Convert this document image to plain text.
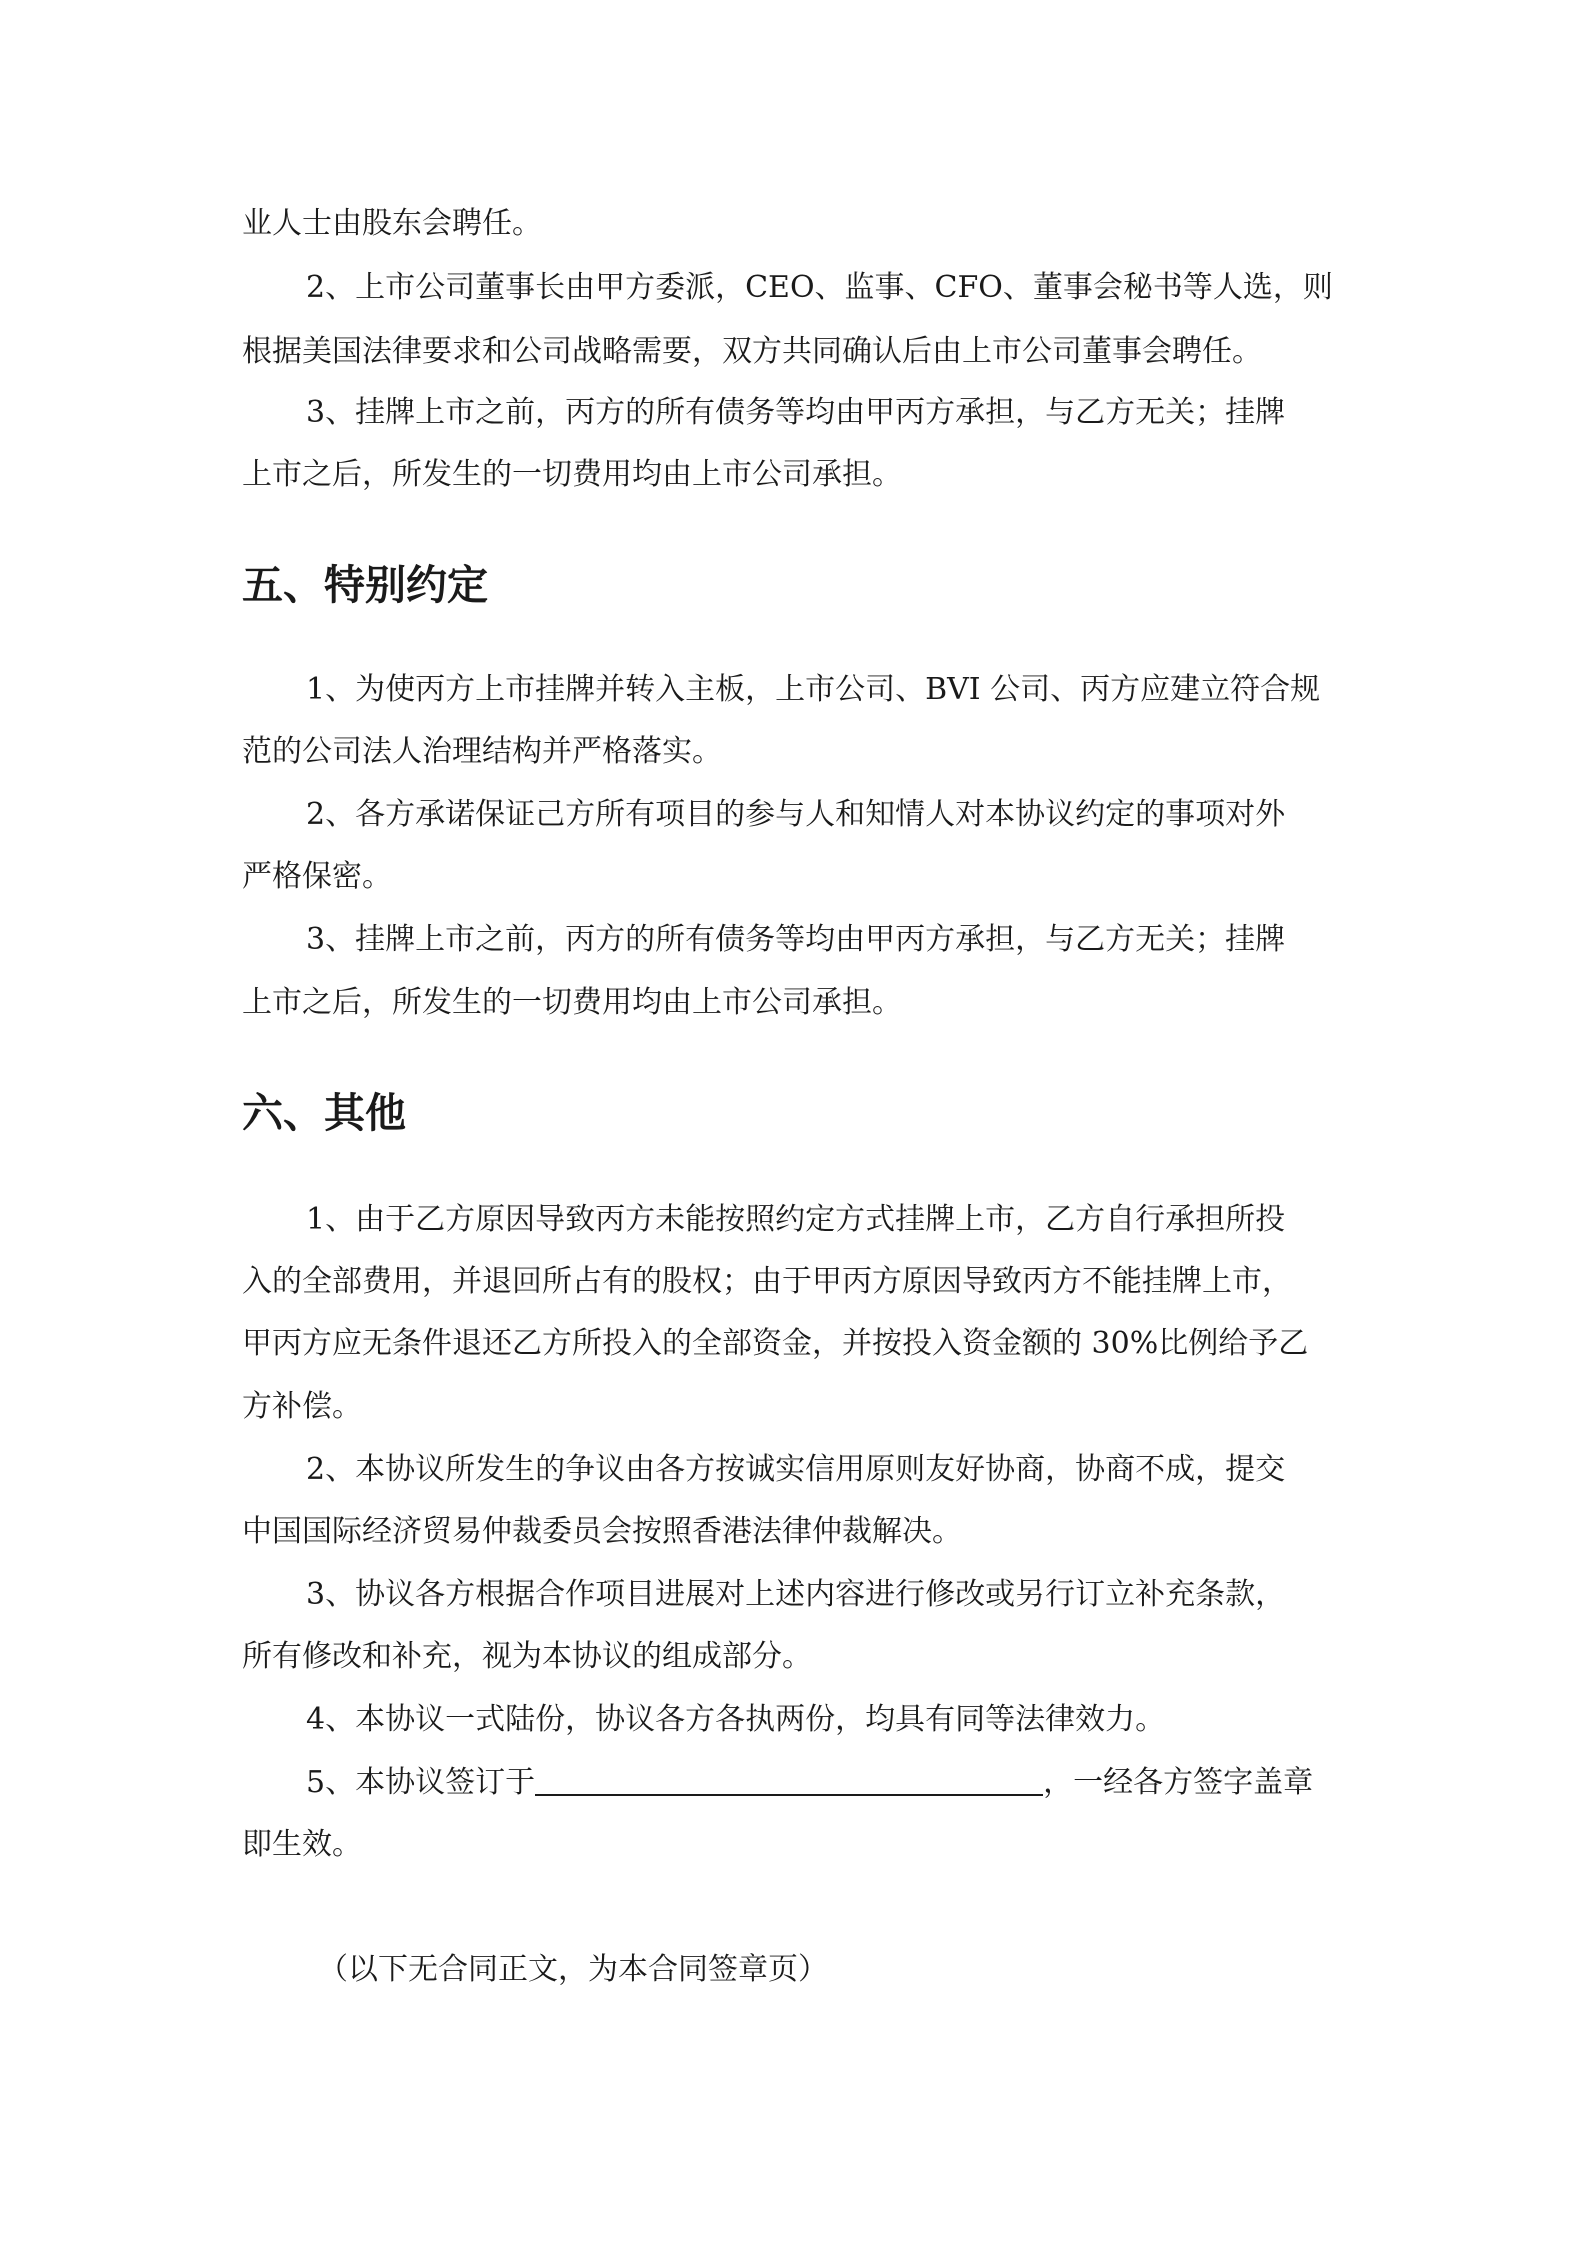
业人士由股东会聘任。

2、上市公司董事长由甲方委派，CEO、监事、CFO、董事会秘书等人选，则

根据美国法律要求和公司战略需要，双方共同确认后由上市公司董事会聘任。

3、挂牌上市之前，丙方的所有债务等均由甲丙方承担，与乙方无关；挂牌

上市之后，所发生的一切费用均由上市公司承担。

五、特别约定

1、为使丙方上市挂牌并转入主板，上市公司、BVI 公司、丙方应建立符合规

范的公司法人治理结构并严格落实。

2、各方承诺保证己方所有项目的参与人和知情人对本协议约定的事项对外

严格保密。

3、挂牌上市之前，丙方的所有债务等均由甲丙方承担，与乙方无关；挂牌

上市之后，所发生的一切费用均由上市公司承担。

六、其他

1、由于乙方原因导致丙方未能按照约定方式挂牌上市，乙方自行承担所投

入的全部费用，并退回所占有的股权；由于甲丙方原因导致丙方不能挂牌上市，

甲丙方应无条件退还乙方所投入的全部资金，并按投入资金额的 30%比例给予乙

方补偿。

2、本协议所发生的争议由各方按诚实信用原则友好协商，协商不成，提交

中国国际经济贸易仲裁委员会按照香港法律仲裁解决。

3、协议各方根据合作项目进展对上述内容进行修改或另行订立补充条款，

所有修改和补充，视为本协议的组成部分。

4、本协议一式陆份，协议各方各执两份，均具有同等法律效力。

5、本协议签订于	，一经各方签字盖章

即生效。

（以下无合同正文，为本合同签章页）
